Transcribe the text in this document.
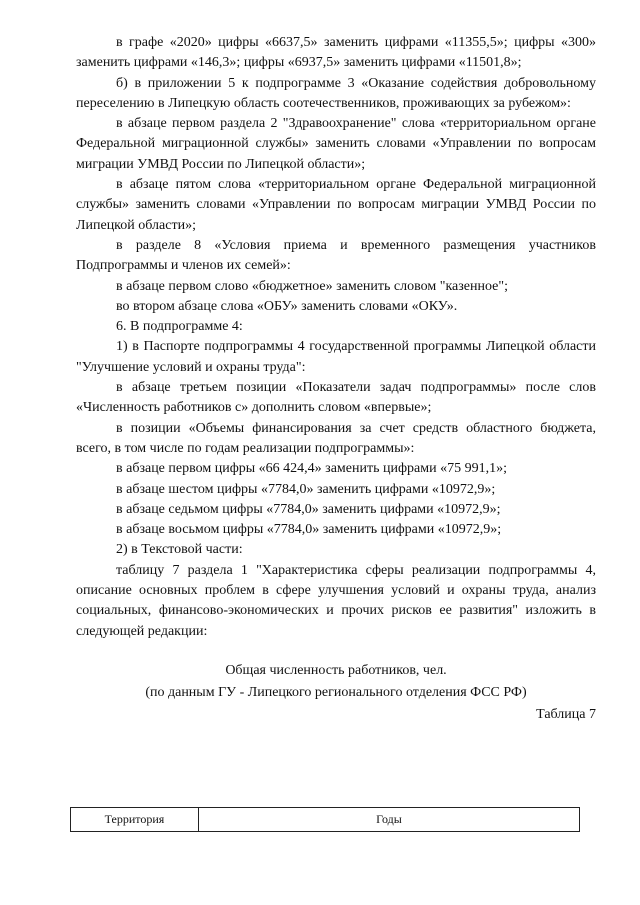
в графе «2020» цифры «6637,5» заменить цифрами «11355,5»; цифры «300» заменить цифрами «146,3»; цифры «6937,5» заменить цифрами «11501,8»;

б) в приложении 5 к подпрограмме 3 «Оказание содействия добровольному переселению в Липецкую область соотечественников, проживающих за рубежом»:

в абзаце первом раздела 2 "Здравоохранение" слова «территориальном органе Федеральной миграционной службы» заменить словами «Управлении по вопросам миграции УМВД России по Липецкой области»;

в абзаце пятом слова «территориальном органе Федеральной миграционной службы» заменить словами «Управлении по вопросам миграции УМВД России по Липецкой области»;

в разделе 8 «Условия приема и временного размещения участников Подпрограммы и членов их семей»:

в абзаце первом слово «бюджетное» заменить словом "казенное";

во втором абзаце слова «ОБУ» заменить словами «ОКУ».

6. В подпрограмме 4:

1) в Паспорте подпрограммы 4 государственной программы Липецкой области "Улучшение условий и охраны труда":

в абзаце третьем позиции «Показатели задач подпрограммы» после слов «Численность работников с» дополнить словом «впервые»;

в позиции «Объемы финансирования за счет средств областного бюджета, всего, в том числе по годам реализации подпрограммы»:

в абзаце первом цифры «66 424,4» заменить цифрами «75 991,1»;

в абзаце шестом цифры «7784,0» заменить цифрами «10972,9»;

в абзаце седьмом цифры «7784,0» заменить цифрами «10972,9»;

в абзаце восьмом цифры «7784,0» заменить цифрами «10972,9»;

2) в Текстовой части:

таблицу 7 раздела 1 "Характеристика сферы реализации подпрограммы 4, описание основных проблем в сфере улучшения условий и охраны труда, анализ социальных, финансово-экономических и прочих рисков ее развития" изложить в следующей редакции:

Общая численность работников, чел.

(по данным ГУ - Липецкого регионального отделения ФСС РФ)

Таблица 7

Территория	Годы
